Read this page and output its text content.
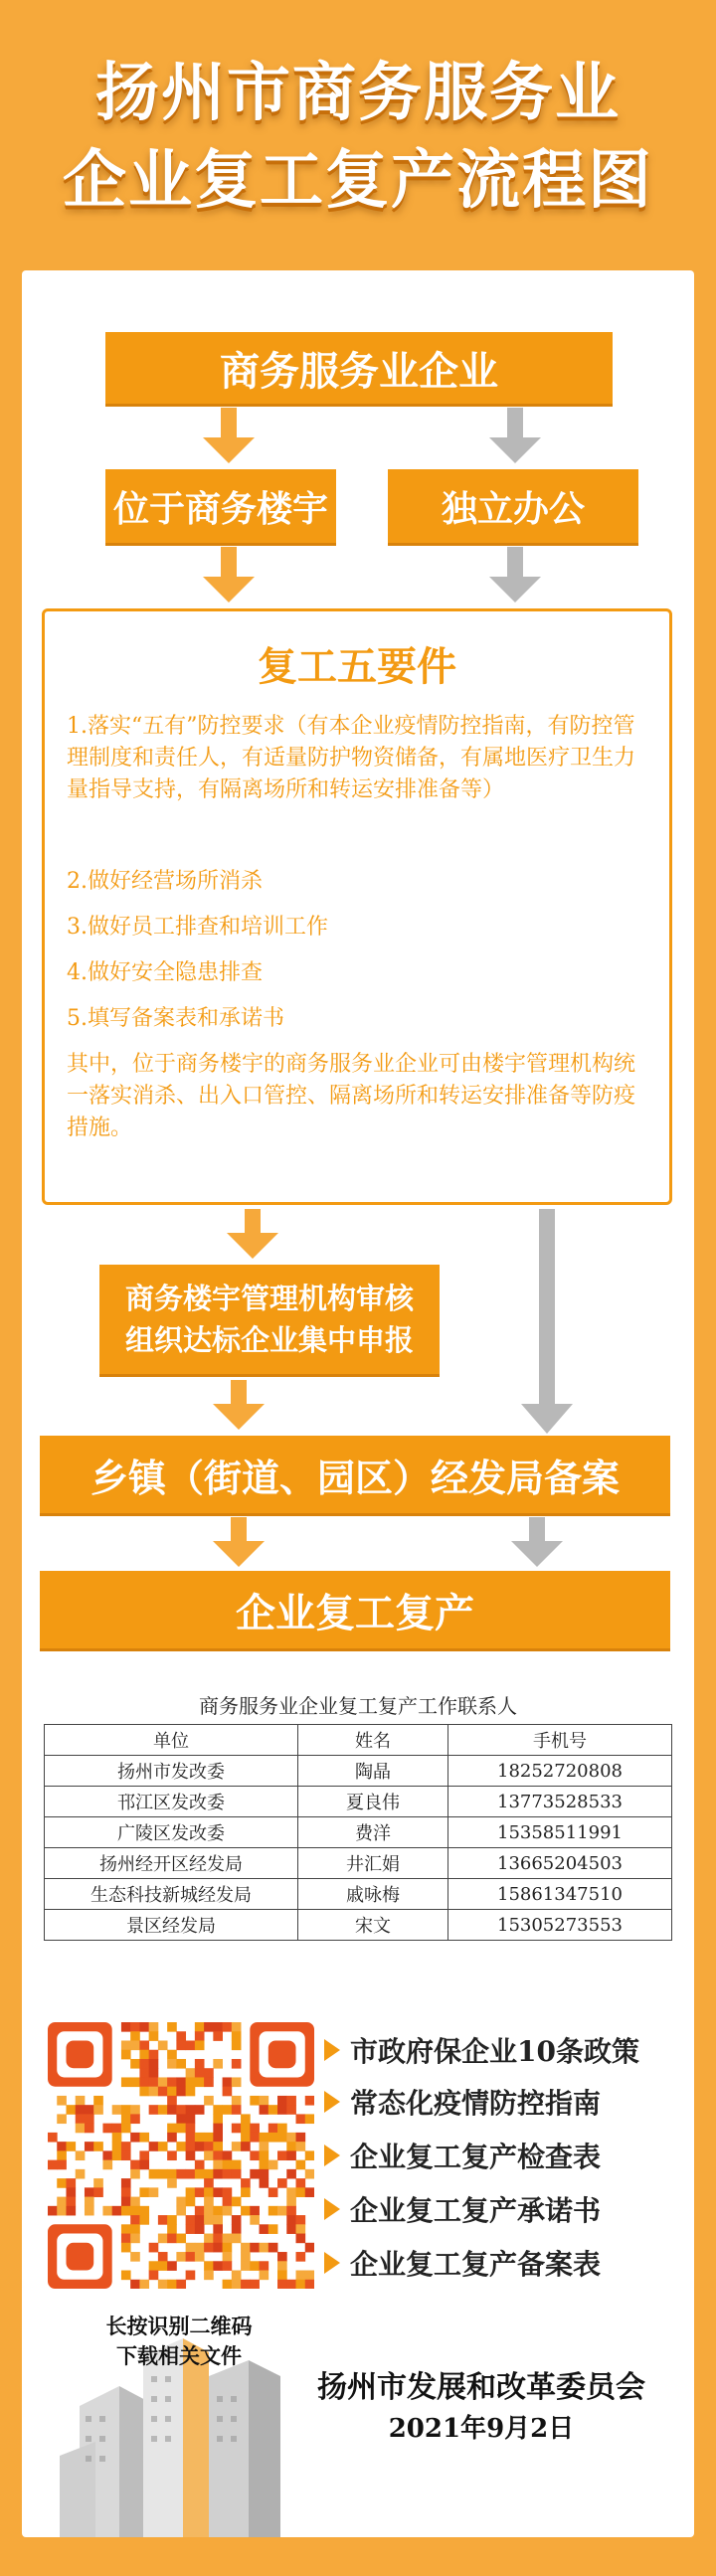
扬州市商务服务业
企业复工复产流程图
商务服务业企业
位于商务楼宇	独立办公
复工五要件
1.落实“五有”防控要求（有本企业疫情防控指南，有防控管理制度和责任人，有适量防护物资储备，有属地医疗卫生力量指导支持，有隔离场所和转运安排准备等）
2.做好经营场所消杀
3.做好员工排查和培训工作
4.做好安全隐患排查
5.填写备案表和承诺书
其中，位于商务楼宇的商务服务业企业可由楼宇管理机构统一落实消杀、出入口管控、隔离场所和转运安排准备等防疫措施。
商务楼宇管理机构审核
组织达标企业集中申报
乡镇（街道、园区）经发局备案
企业复工复产
商务服务业企业复工复产工作联系人
单位	姓名	手机号
扬州市发改委	陶晶	18252720808
邗江区发改委	夏良伟	13773528533
广陵区发改委	费洋	15358511991
扬州经开区经发局	井汇娟	13665204503
生态科技新城经发局	戚咏梅	15861347510
景区经发局	宋文	15305273553
市政府保企业10条政策
常态化疫情防控指南
企业复工复产检查表
企业复工复产承诺书
企业复工复产备案表
长按识别二维码
下载相关文件
扬州市发展和改革委员会
2021年9月2日
